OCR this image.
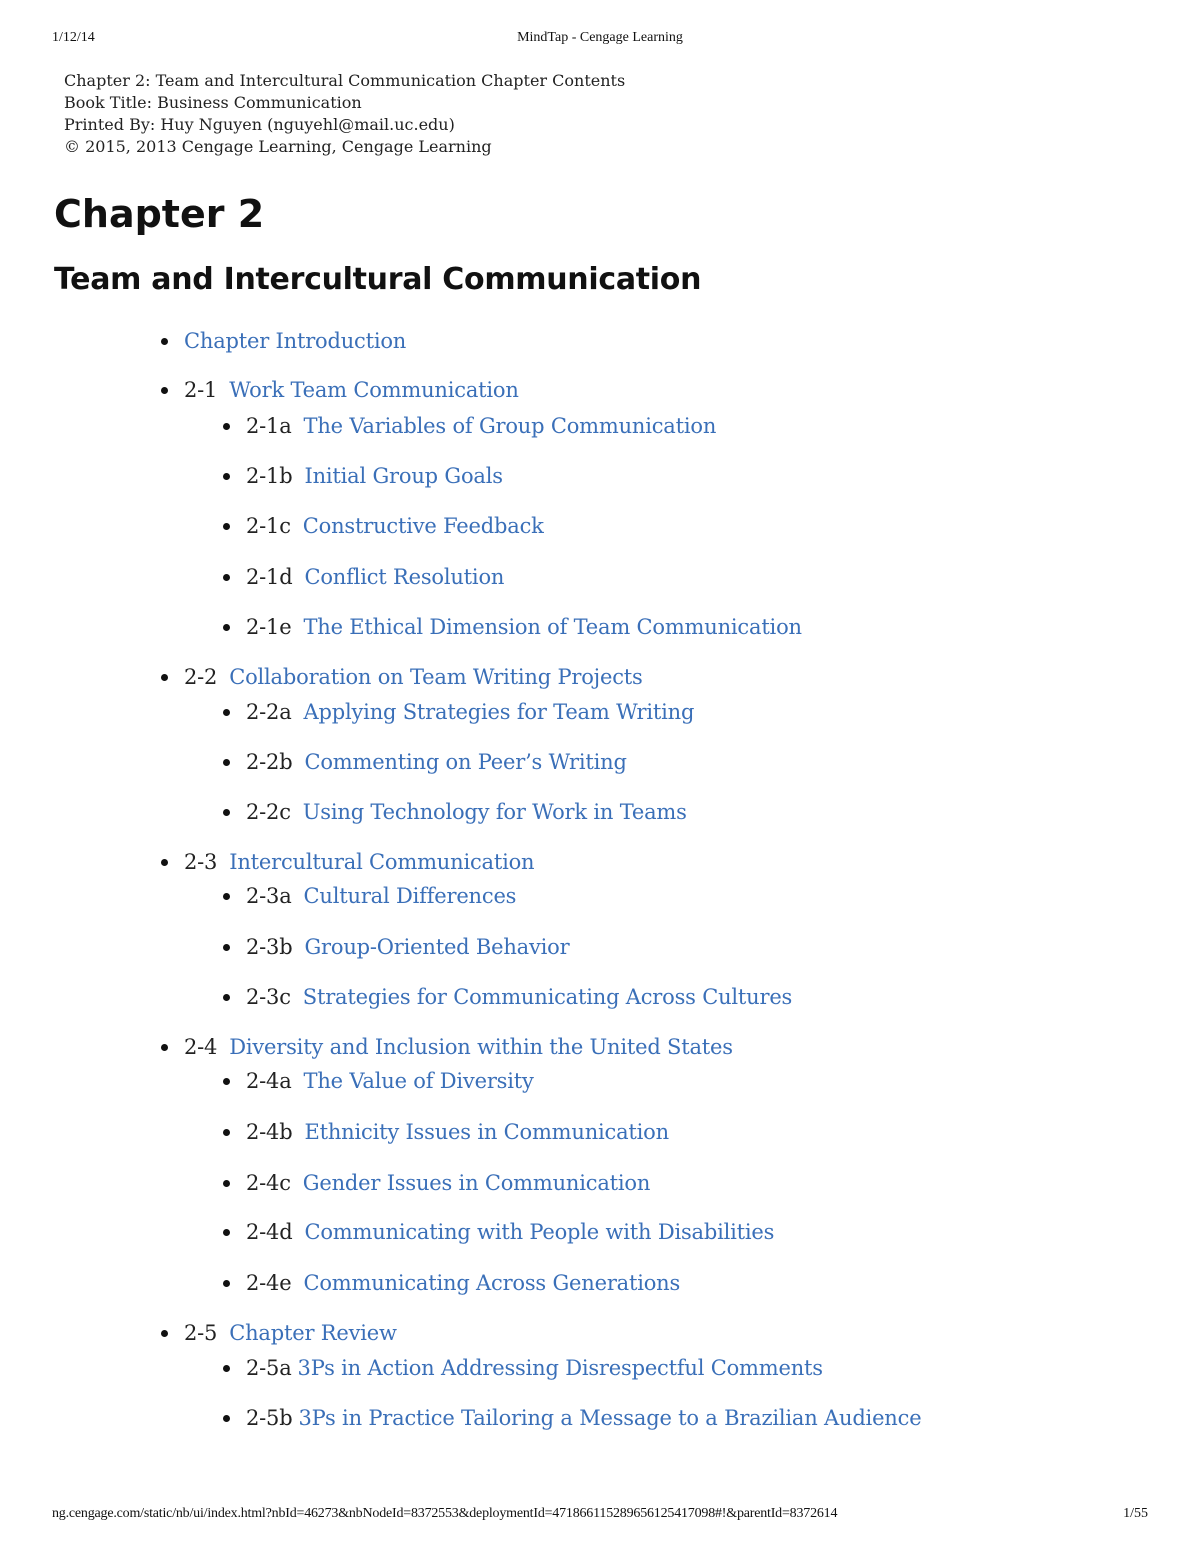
1/12/14	MindTap - Cengage Learning
Chapter 2: Team and Intercultural Communication Chapter Contents
Book Title: Business Communication
Printed By: Huy Nguyen (nguyehl@mail.uc.edu)
© 2015, 2013 Cengage Learning, Cengage Learning
Chapter 2
Team and Intercultural Communication
Chapter Introduction
2-1 Work Team Communication
2-1a The Variables of Group Communication
2-1b Initial Group Goals
2-1c Constructive Feedback
2-1d Conflict Resolution
2-1e The Ethical Dimension of Team Communication
2-2 Collaboration on Team Writing Projects
2-2a Applying Strategies for Team Writing
2-2b Commenting on Peer’s Writing
2-2c Using Technology for Work in Teams
2-3 Intercultural Communication
2-3a Cultural Differences
2-3b Group-Oriented Behavior
2-3c Strategies for Communicating Across Cultures
2-4 Diversity and Inclusion within the United States
2-4a The Value of Diversity
2-4b Ethnicity Issues in Communication
2-4c Gender Issues in Communication
2-4d Communicating with People with Disabilities
2-4e Communicating Across Generations
2-5 Chapter Review
2-5a 3Ps in Action Addressing Disrespectful Comments
2-5b 3Ps in Practice Tailoring a Message to a Brazilian Audience
ng.cengage.com/static/nb/ui/index.html?nbId=46273&nbNodeId=8372553&deploymentId=471866115289656125417098#!&parentId=8372614	1/55
